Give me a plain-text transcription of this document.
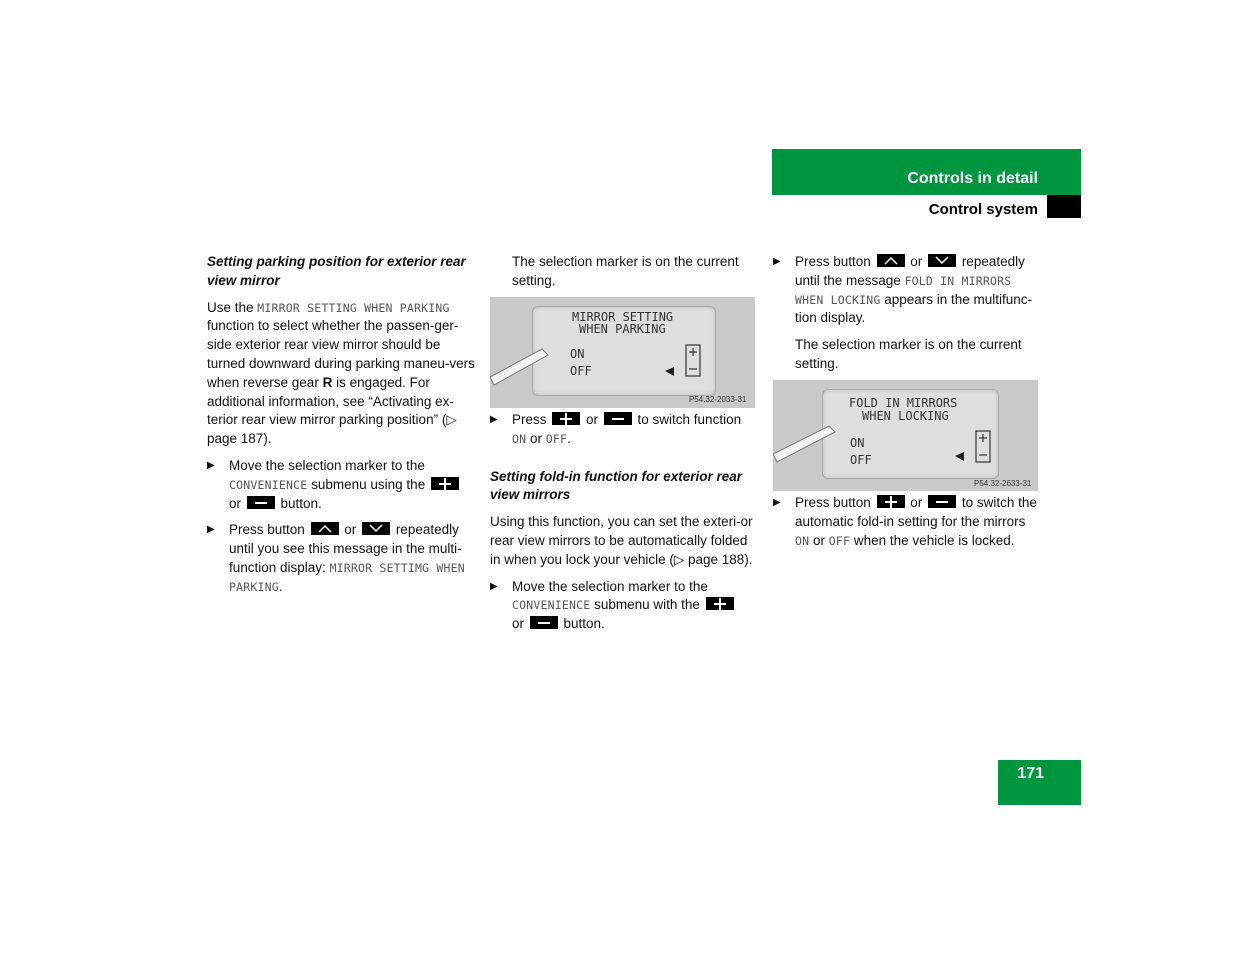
Controls in detail
Control system

Setting parking position for exterior rear view mirror

Use the MIRROR SETTING WHEN PARKING function to select whether the passen-ger-side exterior rear view mirror should be turned downward during parking maneu-vers when reverse gear R is engaged. For additional information, see “Activating ex-terior rear view mirror parking position” (▷ page 187).

▶ Move the selection marker to the CONVENIENCE submenu using the
or  button.

▶ Press button
or
repeatedly until you see this message in the multi-function display: MIRROR SETTIMG WHEN PARKING.

The selection marker is on the current setting.

MIRROR SETTING
WHEN PARKING
ON
OFF
P54.32-2033-31

▶ Press  or  to switch function
ON or OFF.

Setting fold-in function for exterior rear view mirrors

Using this function, you can set the exteri-or rear view mirrors to be automatically folded in when you lock your vehicle (▷ page 188).

▶ Move the selection marker to the CONVENIENCE submenu with the
or  button.

▶ Press button
or
repeatedly until the message FOLD IN MIRRORS WHEN LOCKING appears in the multifunc-tion display.

The selection marker is on the current setting.

FOLD IN MIRRORS
WHEN LOCKING
ON
OFF
P54.32-2633-31

▶ Press button  or  to switch the automatic fold-in setting for the mirrors ON or OFF when the vehicle is locked.

171
